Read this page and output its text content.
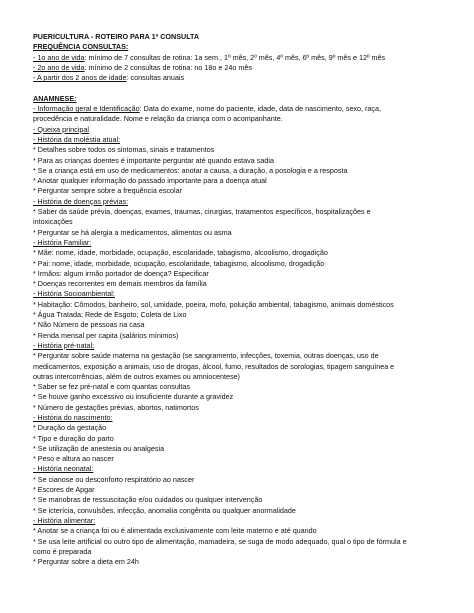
PUERICULTURA - ROTEIRO PARA 1ª CONSULTA
FREQUÊNCIA CONSULTAS:
- 1o ano de vida: mínimo de 7 consultas de rotina: 1a sem., 1º mês, 2º mês, 4º mês, 6º mês, 9º mês e 12º mês
- 2o ano de vida: mínimo de 2 consultas de rotina: no 18o e 24o mês
- A partir dos 2 anos de idade: consultas anuais
ANAMNESE:
- Informação geral e Identificação: Data do exame, nome do paciente, idade, data de nascimento, sexo, raça,
procedência e naturalidade. Nome e relação da criança com o acompanhante.
- Queixa principal
- História da moléstia atual:
* Detalhes sobre todos os sintomas, sinais e tratamentos
* Para as crianças doentes é importante perguntar até quando estava sadia
* Se a criança está em uso de medicamentos: anotar a causa, a duração, a posologia e a resposta
* Anotar qualquer informação do passado importante para a doença atual
* Perguntar sempre sobre a frequência escolar
- História de doenças prévias:
* Saber da saúde prévia, doenças, exames, traumas, cirurgias, tratamentos específicos, hospitalizações e
intoxicações
* Perguntar se há alergia a medicamentos, alimentos ou asma
- História Familiar:
* Mãe: nome, idade, morbidade, ocupação, escolaridade, tabagismo, alcoolismo, drogadição
* Pai: nome, idade, morbidade, ocupação, escolaridade, tabagismo, alcoolismo, drogadição
* Irmãos: algum irmão portador de doença? Especificar
* Doenças recorrentes em demais membros da família
- História Socioambiental:
* Habitação: Cômodos, banheiro, sol, umidade, poeira, mofo, poluição ambiental, tabagismo, animais domésticos
* Água Tratada; Rede de Esgoto; Coleta de Lixo
* Não Número de pessoas na casa
* Renda mensal per capita (salários mínimos)
- História pré-natal:
* Perguntar sobre saúde materna na gestação (se sangramento, infecções, toxemia, outras doenças, uso de
medicamentos, exposição a animais, uso de drogas, álcool, fumo, resultados de sorologias, tipagem sanguínea e
outras intercorrências, além de outros exames ou amniocentese)
* Saber se fez pré-natal e com quantas consultas
* Se houve ganho excessivo ou insuficiente durante a gravidez
* Número de gestações prévias, abortos, natimortos
- História do nascimento:
* Duração da gestação
* Tipo e duração do parto
* Se utilização de anestesia ou analgesia
* Peso e altura ao nascer
- História neonatal:
* Se cianose ou desconforto respiratório ao nascer
* Escores de Apgar
* Se manobras de ressuscitação e/ou cuidados ou qualquer intervenção
* Se icterícia, convulsões, infecção, anomalia congênita ou qualquer anormalidade
- História alimentar:
* Anotar se a criança foi ou é alimentada exclusivamente com leite materno e até quando
* Se usa leite artificial ou outro tipo de alimentação, mamadeira, se suga de modo adequado, qual o tipo de fórmula e
como é preparada
* Perguntar sobre a dieta em 24h
